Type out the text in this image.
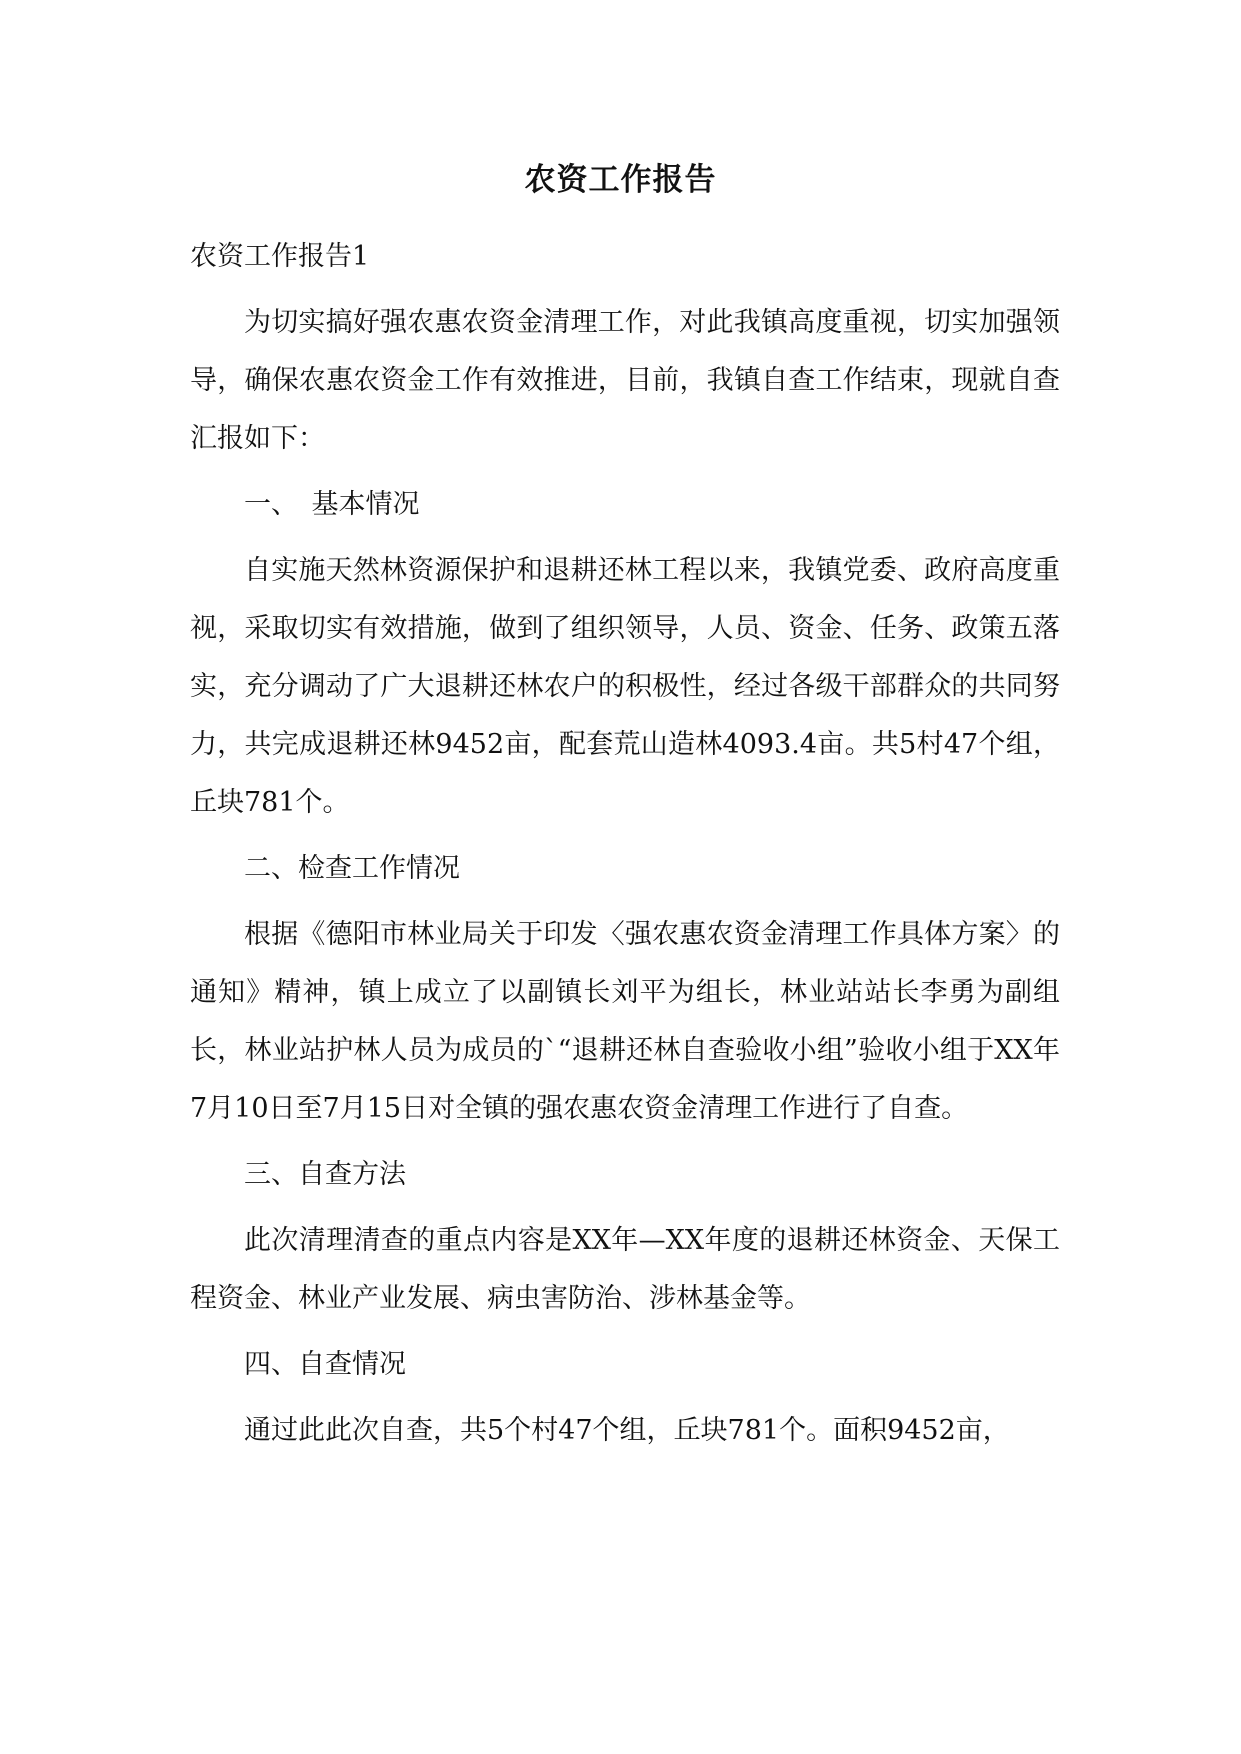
农资工作报告

农资工作报告1

为切实搞好强农惠农资金清理工作，对此我镇高度重视，切实加强领导，确保农惠农资金工作有效推进，目前，我镇自查工作结束，现就自查汇报如下：

一、　基本情况

自实施天然林资源保护和退耕还林工程以来，我镇党委、政府高度重视，采取切实有效措施，做到了组织领导，人员、资金、任务、政策五落实，充分调动了广大退耕还林农户的积极性，经过各级干部群众的共同努力，共完成退耕还林9452亩，配套荒山造林4093.4亩。共5村47个组，丘块781个。

二、检查工作情况

根据《德阳市林业局关于印发〈强农惠农资金清理工作具体方案〉的通知》精神，镇上成立了以副镇长刘平为组长，林业站站长李勇为副组长，林业站护林人员为成员的`“退耕还林自查验收小组”验收小组于XX年7月10日至7月15日对全镇的强农惠农资金清理工作进行了自查。

三、自查方法

此次清理清查的重点内容是XX年—XX年度的退耕还林资金、天保工程资金、林业产业发展、病虫害防治、涉林基金等。

四、自查情况

通过此此次自查，共5个村47个组，丘块781个。面积9452亩，
